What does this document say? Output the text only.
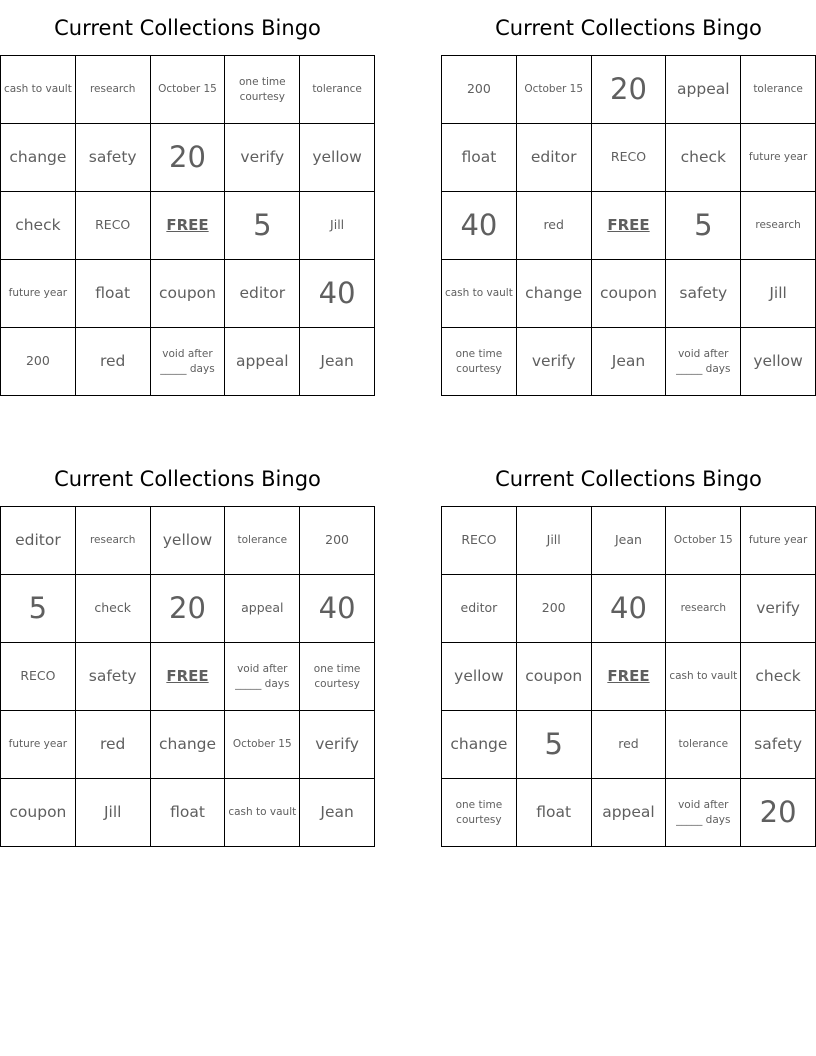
Current Collections Bingo
cash to vault	research	October 15	one time courtesy	tolerance
change	safety	20	verify	yellow
check	RECO	FREE	5	Jill
future year	float	coupon	editor	40
200	red	void after _____ days	appeal	Jean
Current Collections Bingo
200	October 15	20	appeal	tolerance
float	editor	RECO	check	future year
40	red	FREE	5	research
cash to vault	change	coupon	safety	Jill
one time courtesy	verify	Jean	void after _____ days	yellow
Current Collections Bingo
editor	research	yellow	tolerance	200
5	check	20	appeal	40
RECO	safety	FREE	void after _____ days	one time courtesy
future year	red	change	October 15	verify
coupon	Jill	float	cash to vault	Jean
Current Collections Bingo
RECO	Jill	Jean	October 15	future year
editor	200	40	research	verify
yellow	coupon	FREE	cash to vault	check
change	5	red	tolerance	safety
one time courtesy	float	appeal	void after _____ days	20
